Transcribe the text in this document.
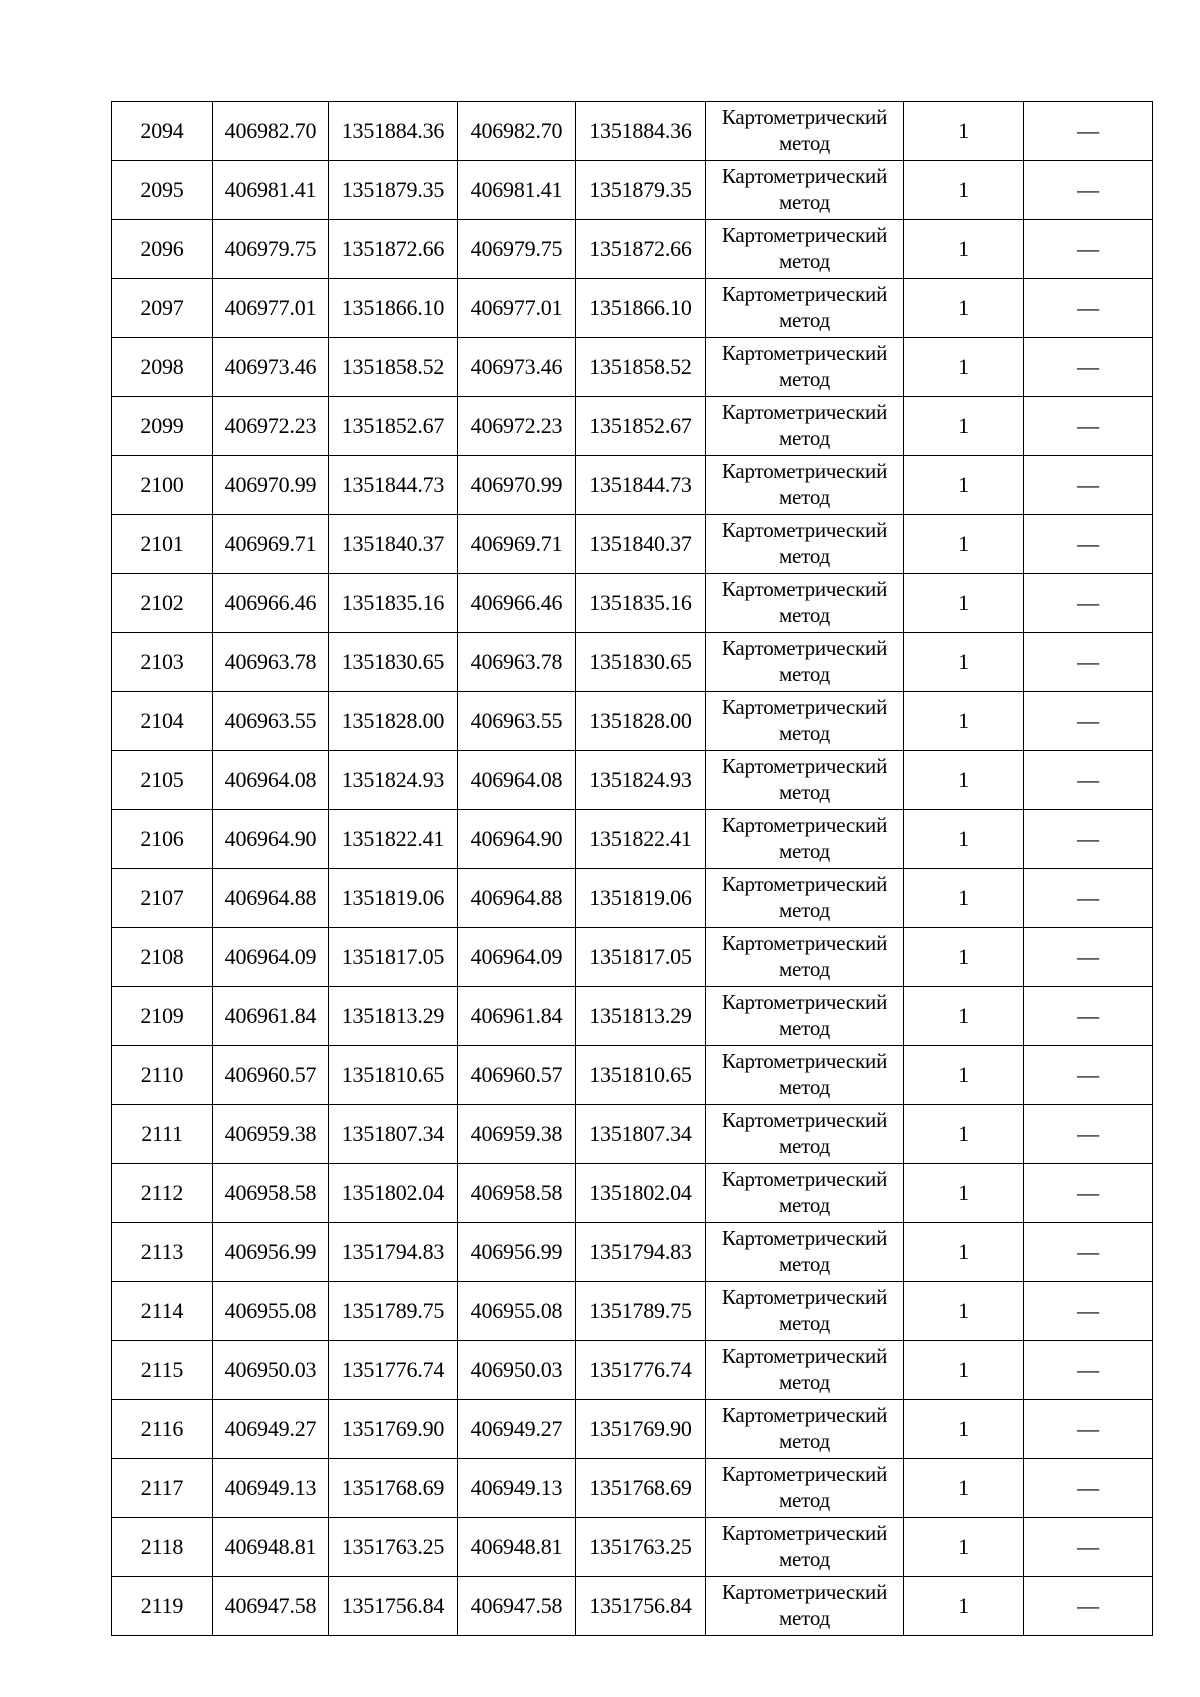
2094	406982.70	1351884.36	406982.70	1351884.36	Картометрический
метод	1	—
2095	406981.41	1351879.35	406981.41	1351879.35	Картометрический
метод	1	—
2096	406979.75	1351872.66	406979.75	1351872.66	Картометрический
метод	1	—
2097	406977.01	1351866.10	406977.01	1351866.10	Картометрический
метод	1	—
2098	406973.46	1351858.52	406973.46	1351858.52	Картометрический
метод	1	—
2099	406972.23	1351852.67	406972.23	1351852.67	Картометрический
метод	1	—
2100	406970.99	1351844.73	406970.99	1351844.73	Картометрический
метод	1	—
2101	406969.71	1351840.37	406969.71	1351840.37	Картометрический
метод	1	—
2102	406966.46	1351835.16	406966.46	1351835.16	Картометрический
метод	1	—
2103	406963.78	1351830.65	406963.78	1351830.65	Картометрический
метод	1	—
2104	406963.55	1351828.00	406963.55	1351828.00	Картометрический
метод	1	—
2105	406964.08	1351824.93	406964.08	1351824.93	Картометрический
метод	1	—
2106	406964.90	1351822.41	406964.90	1351822.41	Картометрический
метод	1	—
2107	406964.88	1351819.06	406964.88	1351819.06	Картометрический
метод	1	—
2108	406964.09	1351817.05	406964.09	1351817.05	Картометрический
метод	1	—
2109	406961.84	1351813.29	406961.84	1351813.29	Картометрический
метод	1	—
2110	406960.57	1351810.65	406960.57	1351810.65	Картометрический
метод	1	—
2111	406959.38	1351807.34	406959.38	1351807.34	Картометрический
метод	1	—
2112	406958.58	1351802.04	406958.58	1351802.04	Картометрический
метод	1	—
2113	406956.99	1351794.83	406956.99	1351794.83	Картометрический
метод	1	—
2114	406955.08	1351789.75	406955.08	1351789.75	Картометрический
метод	1	—
2115	406950.03	1351776.74	406950.03	1351776.74	Картометрический
метод	1	—
2116	406949.27	1351769.90	406949.27	1351769.90	Картометрический
метод	1	—
2117	406949.13	1351768.69	406949.13	1351768.69	Картометрический
метод	1	—
2118	406948.81	1351763.25	406948.81	1351763.25	Картометрический
метод	1	—
2119	406947.58	1351756.84	406947.58	1351756.84	Картометрический
метод	1	—
